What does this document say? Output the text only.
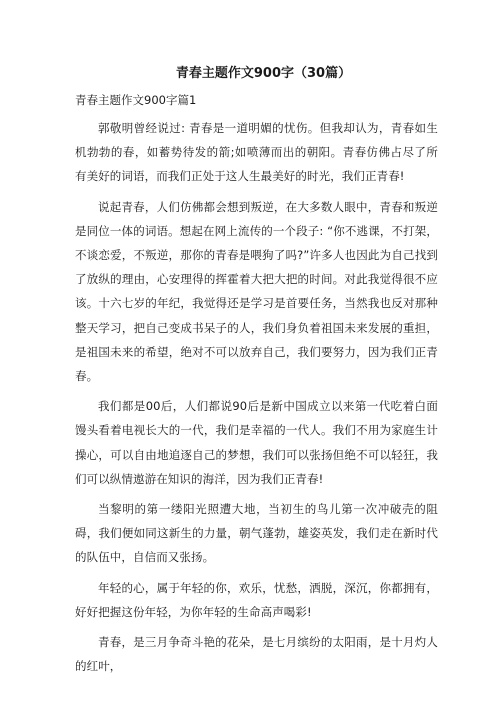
青春主题作文900字（30篇）
青春主题作文900字篇1

郭敬明曾经说过: 青春是一道明媚的忧伤。但我却认为，青春如生机勃勃的春，如蓄势待发的箭;如喷薄而出的朝阳。青春仿佛占尽了所有美好的词语，而我们正处于这人生最美好的时光，我们正青春!

说起青春，人们仿佛都会想到叛逆，在大多数人眼中，青春和叛逆是同位一体的词语。想起在网上流传的一个段子: “你不逃课，不打架，不谈恋爱，不叛逆，那你的青春是喂狗了吗?”许多人也因此为自己找到了放纵的理由，心安理得的挥霍着大把大把的时间。对此我觉得很不应该。十六七岁的年纪，我觉得还是学习是首要任务，当然我也反对那种整天学习，把自己变成书呆子的人，我们身负着祖国未来发展的重担，是祖国未来的希望，绝对不可以放弃自己，我们要努力，因为我们正青春。

我们都是00后，人们都说90后是新中国成立以来第一代吃着白面馒头看着电视长大的一代，我们是幸福的一代人。我们不用为家庭生计操心，可以自由地追逐自己的梦想，我们可以张扬但绝不可以轻狂，我们可以纵情遨游在知识的海洋，因为我们正青春!

当黎明的第一缕阳光照遭大地，当初生的鸟儿第一次冲破壳的阻碍，我们便如同这新生的力量，朝气蓬勃，雄姿英发，我们走在新时代的队伍中，自信而又张扬。

年轻的心，属于年轻的你，欢乐，忧愁，洒脱，深沉，你都拥有，好好把握这份年轻，为你年轻的生命高声喝彩!

青春，是三月争奇斗艳的花朵，是七月缤纷的太阳雨，是十月灼人的红叶，
